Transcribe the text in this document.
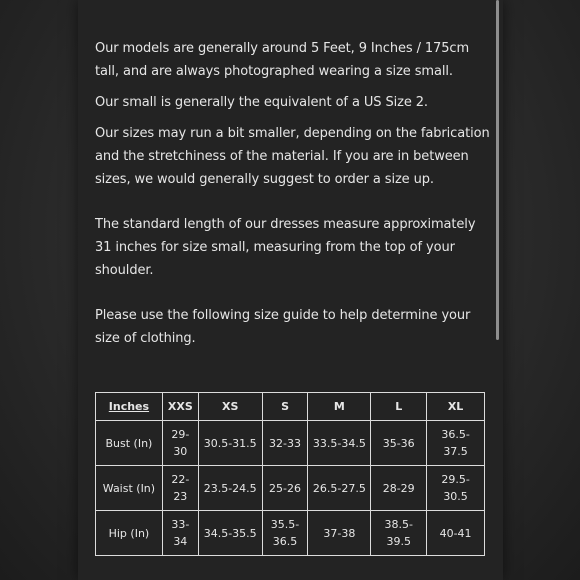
Our models are generally around 5 Feet, 9 Inches / 175cm tall, and are always photographed wearing a size small.

Our small is generally the equivalent of a US Size 2.

Our sizes may run a bit smaller, depending on the fabrication and the stretchiness of the material. If you are in between sizes, we would generally suggest to order a size up.

The standard length of our dresses measure approximately 31 inches for size small, measuring from the top of your shoulder.

Please use the following size guide to help determine your size of clothing.

Inches	XXS	XS	S	M	L	XL
Bust (In)	29-30	30.5-31.5	32-33	33.5-34.5	35-36	36.5-37.5
Waist (In)	22-23	23.5-24.5	25-26	26.5-27.5	28-29	29.5-30.5
Hip (In)	33-34	34.5-35.5	35.5-36.5	37-38	38.5-39.5	40-41
